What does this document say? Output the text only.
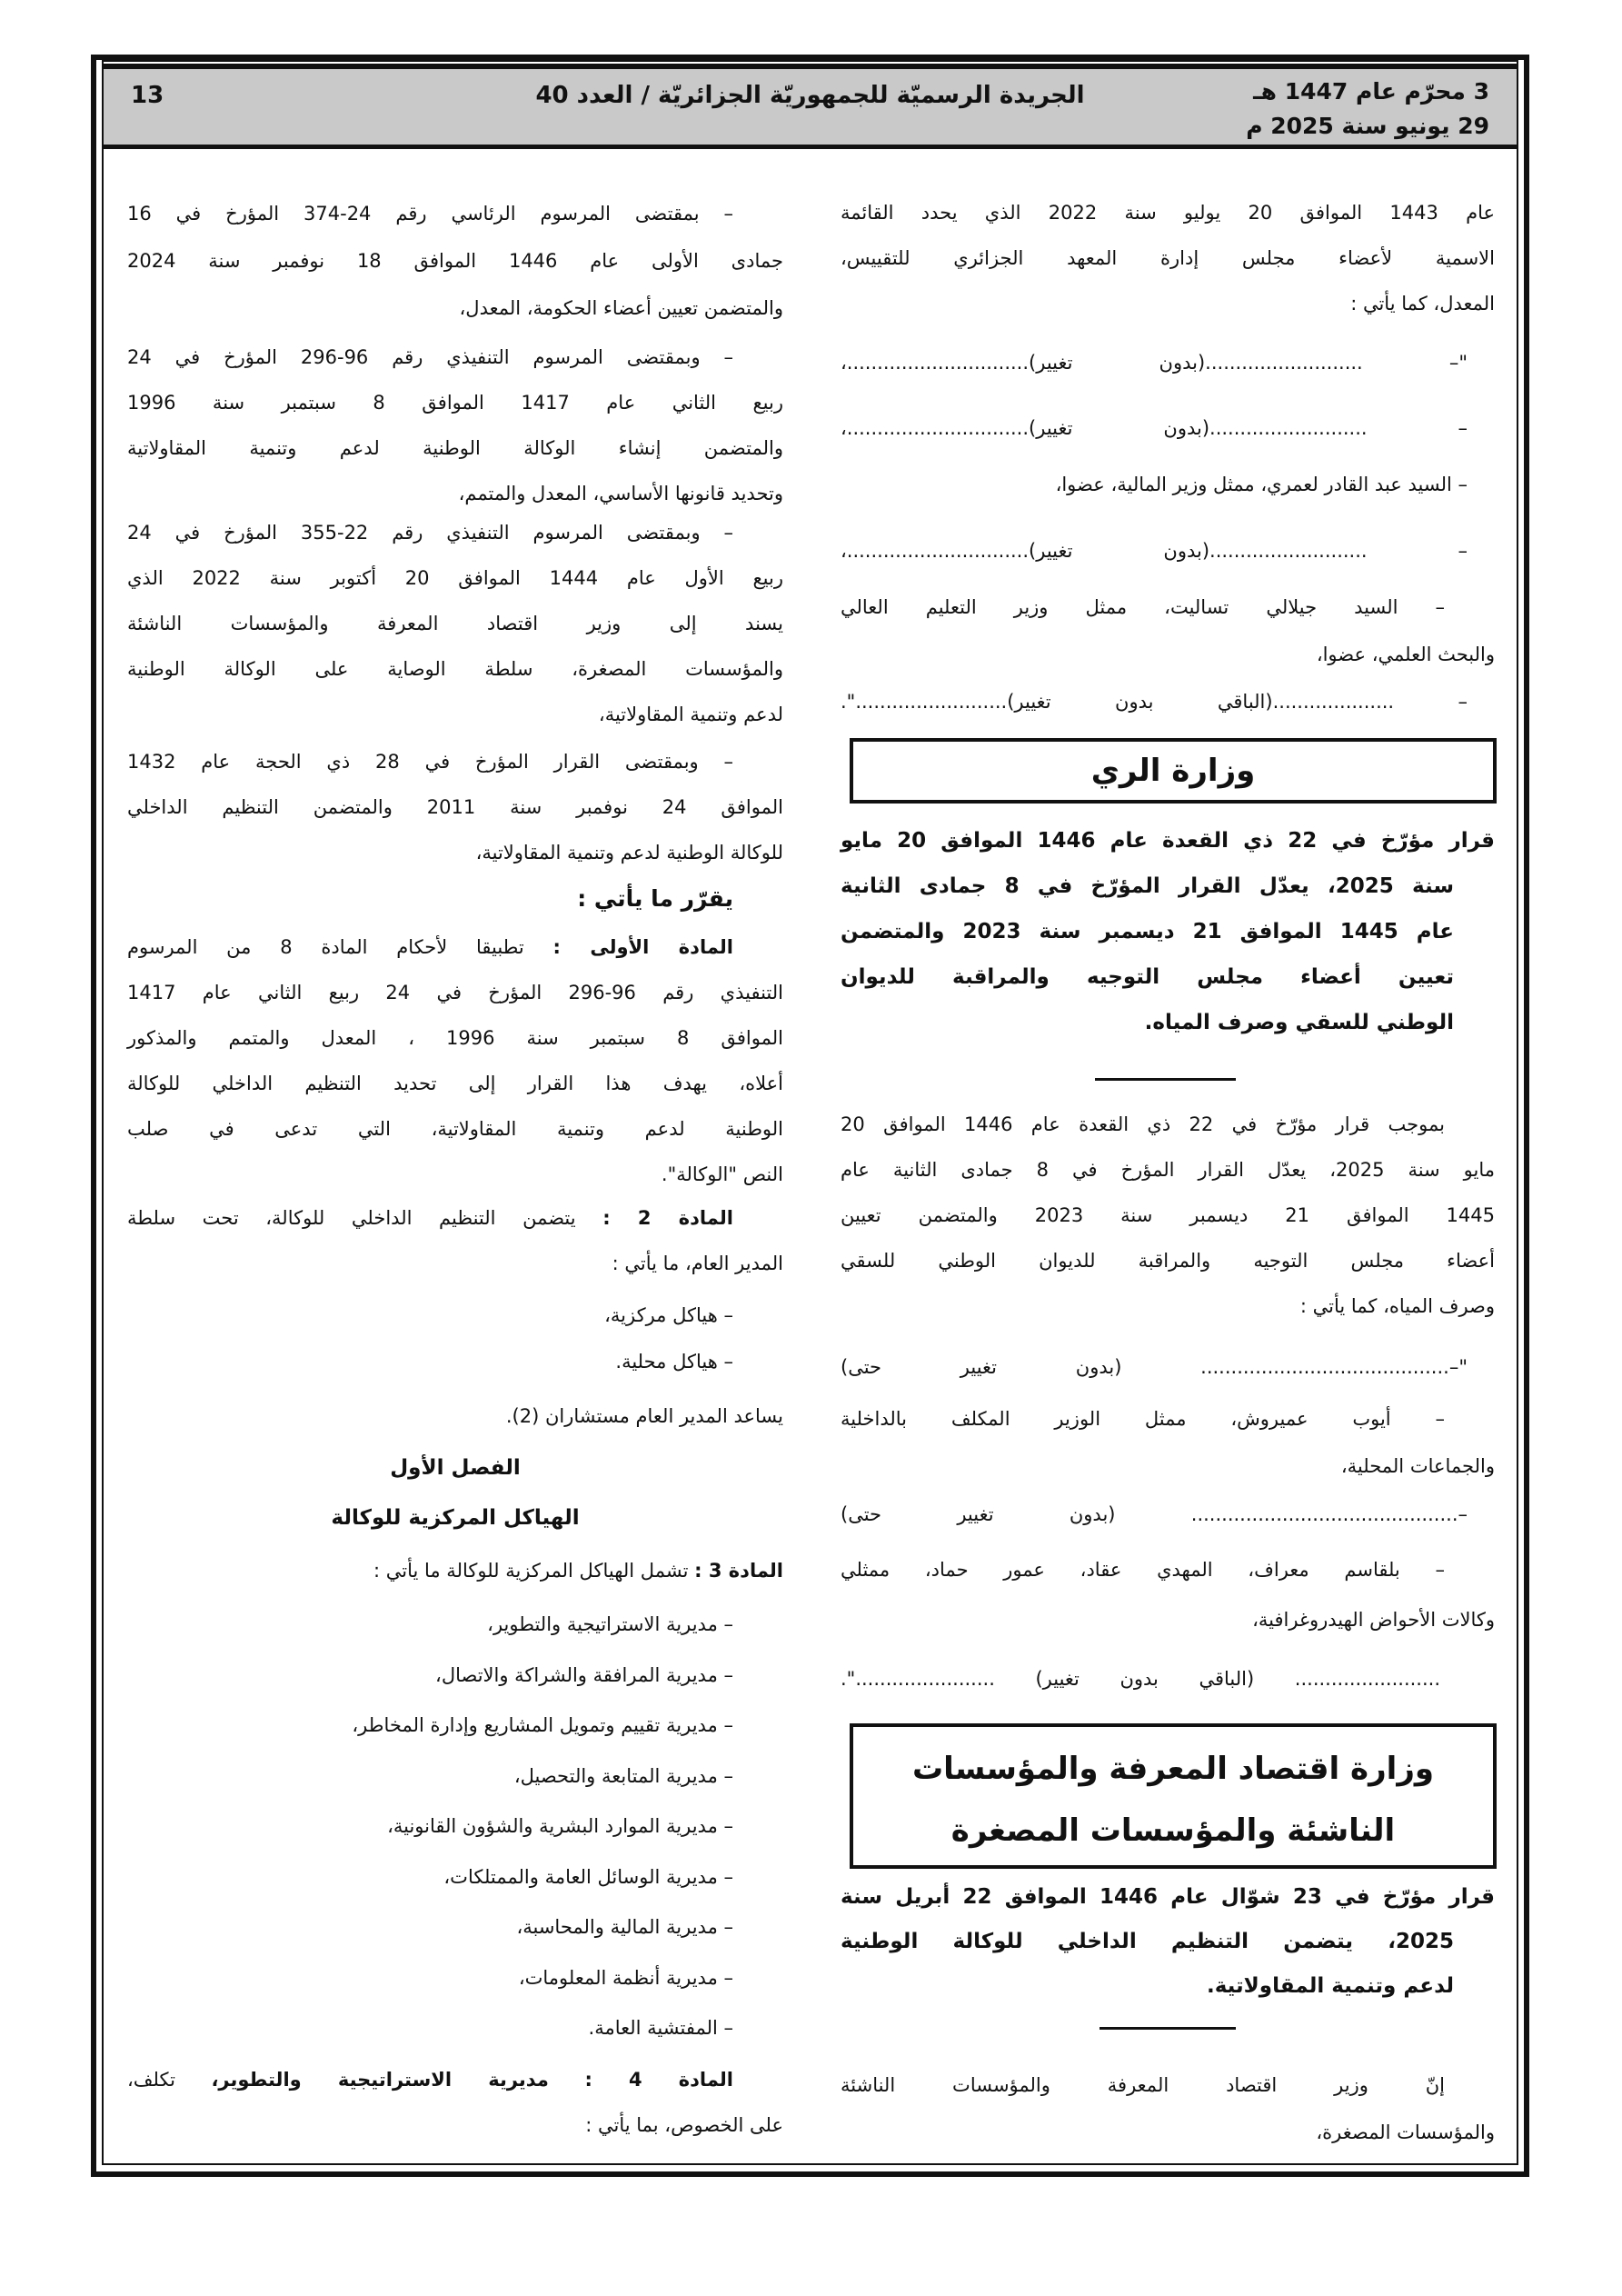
3 محرّم عام 1447 هـ
29 يونيو سنة 2025 م
الجريدة الرسميّة للجمهوريّة الجزائريّة / العدد 40
13
عام 1443 الموافق 20 يوليو سنة 2022 الذي يحدد القائمة
الاسمية لأعضاء مجلس إدارة المعهد الجزائري للتقييس،
المعدل، كما يأتي :
"– ..........................(بدون تغيير)..............................،
– ..........................(بدون تغيير)..............................،
– السيد عبد القادر لعمري، ممثل وزير المالية، عضوا،
– ..........................(بدون تغيير)..............................،
– السيد جيلالي تساليت، ممثل وزير التعليم العالي
والبحث العلمي، عضوا،
– ....................(الباقي بدون تغيير).........................".
وزارة الري
قرار مؤرّخ في 22 ذي القعدة عام 1446 الموافق 20 مايو
سنة 2025، يعدّل القرار المؤرّخ في 8 جمادى الثانية
عام 1445 الموافق 21 ديسمبر سنة 2023 والمتضمن
تعيين أعضاء مجلس التوجيه والمراقبة للديوان
الوطني للسقي وصرف المياه.
بموجب قرار مؤرّخ في 22 ذي القعدة عام 1446 الموافق 20
مايو سنة 2025، يعدّل القرار المؤرخ في 8 جمادى الثانية عام
1445 الموافق 21 ديسمبر سنة 2023 والمتضمن تعيين
أعضاء مجلس التوجيه والمراقبة للديوان الوطني للسقي
وصرف المياه، كما يأتي :
"–......................................... (بدون تغيير حتى)
– أيوب عميروش، ممثل الوزير المكلف بالداخلية
والجماعات المحلية،
–............................................ (بدون تغيير حتى)
– بلقاسم معراف، المهدي عقاد، عمور حماد، ممثلي
وكالات الأحواض الهيدروغرافية،
........................ (الباقي بدون تغيير) .......................".
وزارة اقتصاد المعرفة والمؤسسات
الناشئة والمؤسسات المصغرة
قرار مؤرّخ في 23 شوّال عام 1446 الموافق 22 أبريل سنة
2025، يتضمن التنظيم الداخلي للوكالة الوطنية
لدعم وتنمية المقاولاتية.
إنّ وزير اقتصاد المعرفة والمؤسسات الناشئة
والمؤسسات المصغرة،
– بمقتضى المرسوم الرئاسي رقم 24-374 المؤرخ في 16
جمادى الأولى عام 1446 الموافق 18 نوفمبر سنة 2024
والمتضمن تعيين أعضاء الحكومة، المعدل،
– وبمقتضى المرسوم التنفيذي رقم 96-296 المؤرخ في 24
ربيع الثاني عام 1417 الموافق 8 سبتمبر سنة 1996
والمتضمن إنشاء الوكالة الوطنية لدعم وتنمية المقاولاتية
وتحديد قانونها الأساسي، المعدل والمتمم،
– وبمقتضى المرسوم التنفيذي رقم 22-355 المؤرخ في 24
ربيع الأول عام 1444 الموافق 20 أكتوبر سنة 2022 الذي
يسند إلى وزير اقتصاد المعرفة والمؤسسات الناشئة
والمؤسسات المصغرة، سلطة الوصاية على الوكالة الوطنية
لدعم وتنمية المقاولاتية،
– وبمقتضى القرار المؤرخ في 28 ذي الحجة عام 1432
الموافق 24 نوفمبر سنة 2011 والمتضمن التنظيم الداخلي
للوكالة الوطنية لدعم وتنمية المقاولاتية،
يقرّر ما يأتي :
المادة الأولى : تطبيقا لأحكام المادة 8 من المرسوم
التنفيذي رقم 96-296 المؤرخ في 24 ربيع الثاني عام 1417
الموافق 8 سبتمبر سنة 1996 ، المعدل والمتمم والمذكور
أعلاه، يهدف هذا القرار إلى تحديد التنظيم الداخلي للوكالة
الوطنية لدعم وتنمية المقاولاتية، التي تدعى في صلب
النص "الوكالة".
المادة 2 : يتضمن التنظيم الداخلي للوكالة، تحت سلطة
المدير العام، ما يأتي :
– هياكل مركزية،
– هياكل محلية.
يساعد المدير العام مستشاران (2).
الفصل الأول
الهياكل المركزية للوكالة
المادة 3 : تشمل الهياكل المركزية للوكالة ما يأتي :
– مديرية الاستراتيجية والتطوير،
– مديرية المرافقة والشراكة والاتصال،
– مديرية تقييم وتمويل المشاريع وإدارة المخاطر،
– مديرية المتابعة والتحصيل،
– مديرية الموارد البشرية والشؤون القانونية،
– مديرية الوسائل العامة والممتلكات،
– مديرية المالية والمحاسبة،
– مديرية أنظمة المعلومات،
– المفتشية العامة.
المادة 4 : مديرية الاستراتيجية والتطوير، تكلف،
على الخصوص، بما يأتي :
